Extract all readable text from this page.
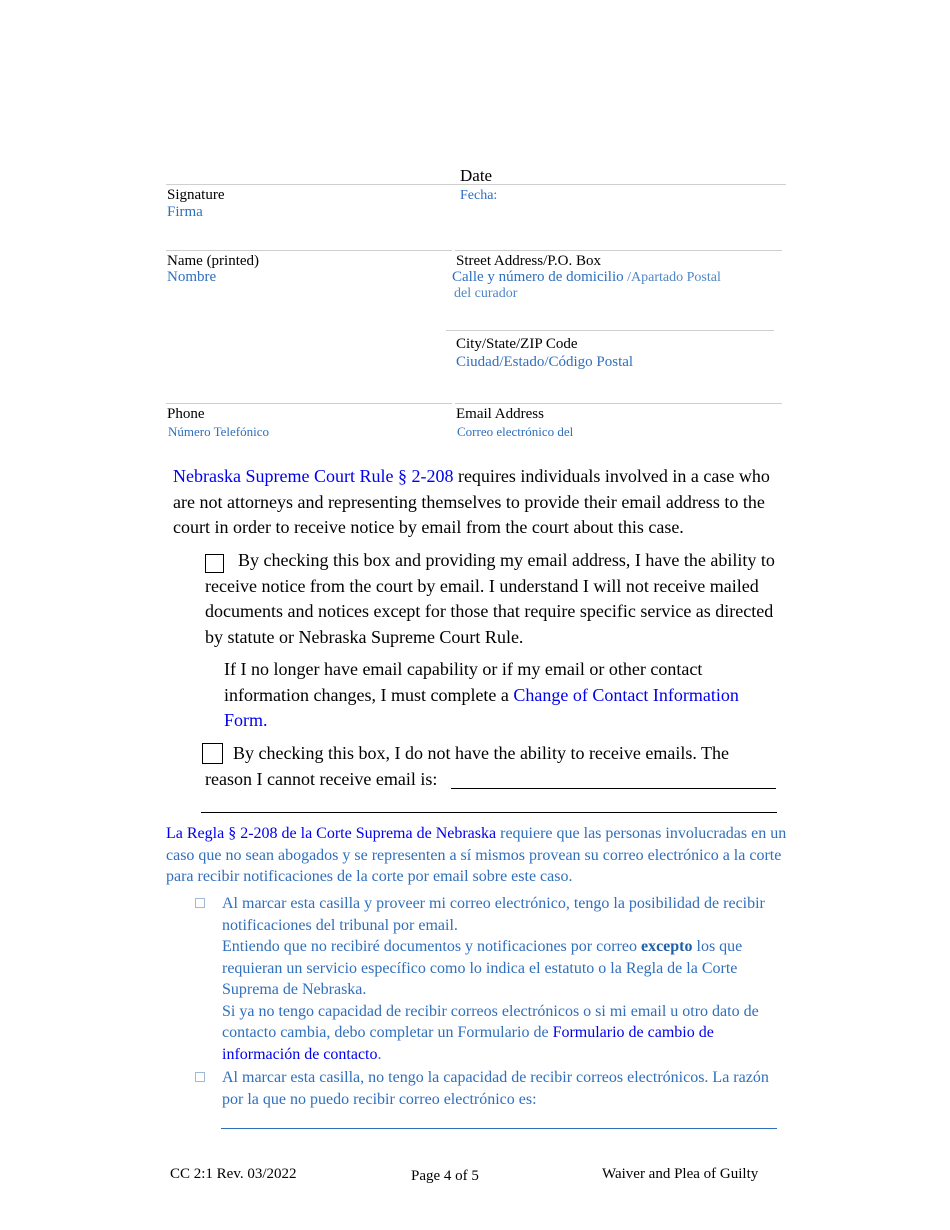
Date
Signature
Firma
Fecha:
Name (printed)
Nombre
Street Address/P.O. Box
Calle y número de domicilio /Apartado Postal
del curador
City/State/ZIP Code
Ciudad/Estado/Código Postal
Phone
Número Telefónico
Email Address
Correo electrónico del
Nebraska Supreme Court Rule § 2-208 requires individuals involved in a case who are not attorneys and representing themselves to provide their email address to the court in order to receive notice by email from the court about this case.
By checking this box and providing my email address, I have the ability to receive notice from the court by email. I understand I will not receive mailed documents and notices except for those that require specific service as directed by statute or Nebraska Supreme Court Rule.
If I no longer have email capability or if my email or other contact information changes, I must complete a Change of Contact Information Form.
By checking this box, I do not have the ability to receive emails. The
reason I cannot receive email is:
La Regla § 2-208 de la Corte Suprema de Nebraska requiere que las personas involucradas en un caso que no sean abogados y se representen a sí mismos provean su correo electrónico a la corte para recibir notificaciones de la corte por email sobre este caso.
Al marcar esta casilla y proveer mi correo electrónico, tengo la posibilidad de recibir notificaciones del tribunal por email.
Entiendo que no recibiré documentos y notificaciones por correo excepto los que requieran un servicio específico como lo indica el estatuto o la Regla de la Corte Suprema de Nebraska.
Si ya no tengo capacidad de recibir correos electrónicos o si mi email u otro dato de contacto cambia, debo completar un Formulario de Formulario de cambio de información de contacto.
Al marcar esta casilla, no tengo la capacidad de recibir correos electrónicos. La razón por la que no puedo recibir correo electrónico es:
CC 2:1 Rev. 03/2022	Page 4 of 5	Waiver and Plea of Guilty
